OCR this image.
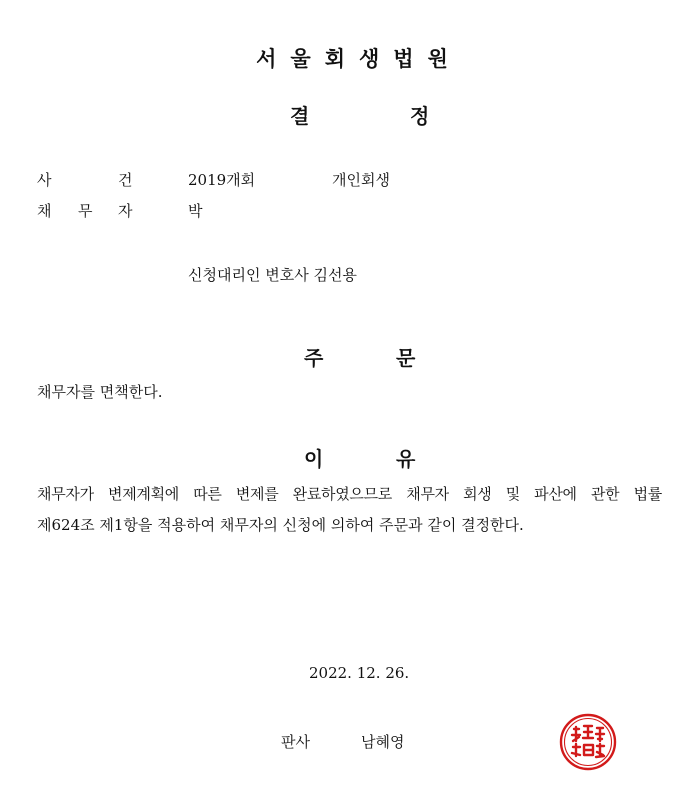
서울회생법원
결	정
사	건	2019개회	개인회생
채 무 자	박
신청대리인 변호사 김선용
주	문
채무자를 면책한다.
이	유
채무자가 변제계획에 따른 변제를 완료하였으므로 채무자 회생 및 파산에 관한 법률
제624조 제1항을 적용하여 채무자의 신청에 의하여 주문과 같이 결정한다.
2022. 12. 26.
판사	남혜영
